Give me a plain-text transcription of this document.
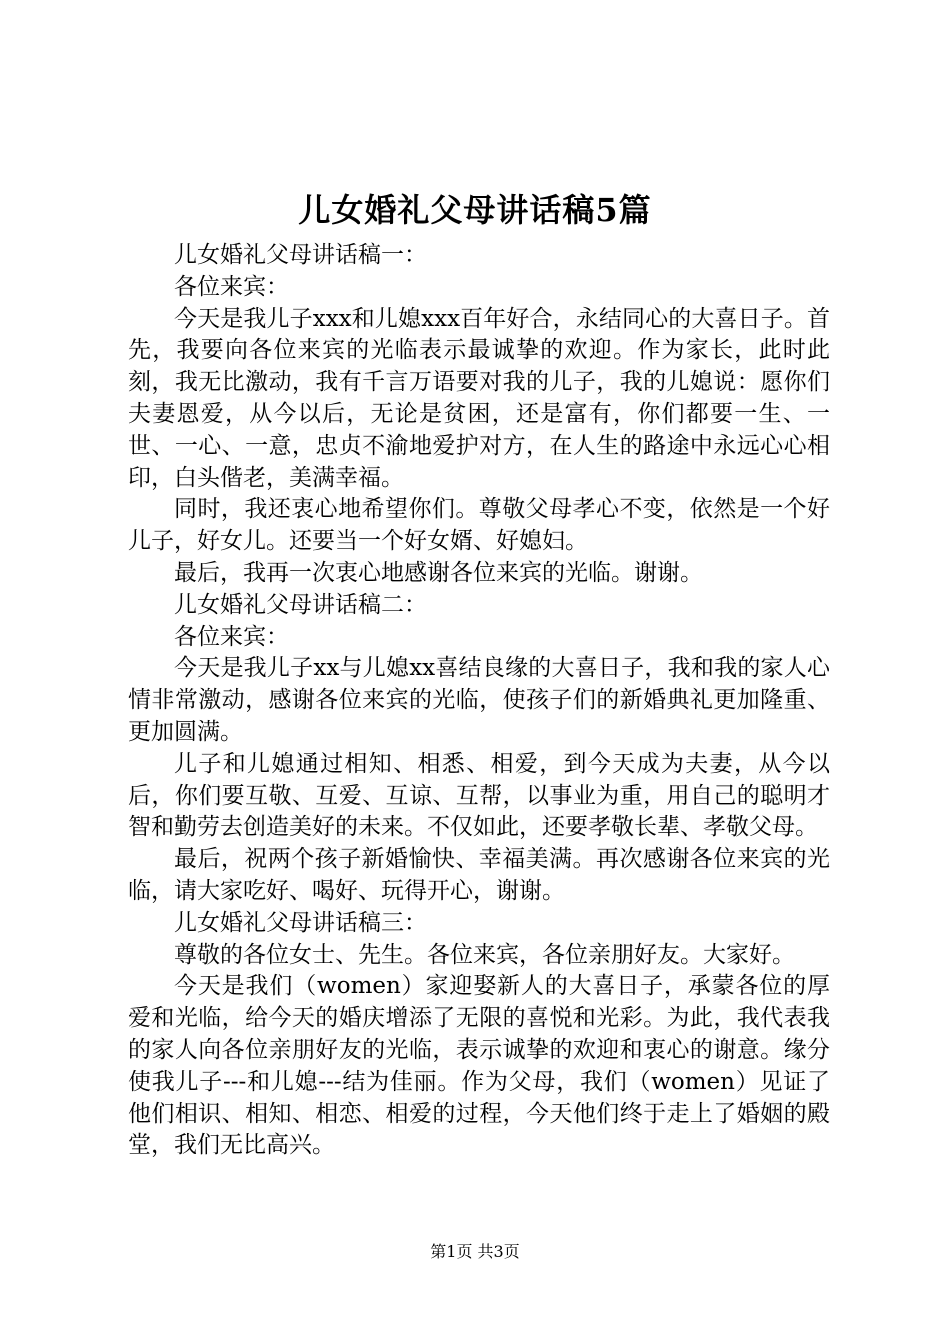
儿女婚礼父母讲话稿5篇

儿女婚礼父母讲话稿一：

各位来宾：

今天是我儿子xxx和儿媳xxx百年好合，永结同心的大喜日子。首先，我要向各位来宾的光临表示最诚挚的欢迎。作为家长，此时此刻，我无比激动，我有千言万语要对我的儿子，我的儿媳说：愿你们夫妻恩爱，从今以后，无论是贫困，还是富有，你们都要一生、一世、一心、一意，忠贞不渝地爱护对方，在人生的路途中永远心心相印，白头偕老，美满幸福。

同时，我还衷心地希望你们。尊敬父母孝心不变，依然是一个好儿子，好女儿。还要当一个好女婿、好媳妇。

最后，我再一次衷心地感谢各位来宾的光临。谢谢。

儿女婚礼父母讲话稿二：

各位来宾：

今天是我儿子xx与儿媳xx喜结良缘的大喜日子，我和我的家人心情非常激动，感谢各位来宾的光临，使孩子们的新婚典礼更加隆重、更加圆满。

儿子和儿媳通过相知、相悉、相爱，到今天成为夫妻，从今以后，你们要互敬、互爱、互谅、互帮，以事业为重，用自己的聪明才智和勤劳去创造美好的未来。不仅如此，还要孝敬长辈、孝敬父母。

最后，祝两个孩子新婚愉快、幸福美满。再次感谢各位来宾的光临，请大家吃好、喝好、玩得开心，谢谢。

儿女婚礼父母讲话稿三：

尊敬的各位女士、先生。各位来宾，各位亲朋好友。大家好。

今天是我们（women）家迎娶新人的大喜日子，承蒙各位的厚爱和光临，给今天的婚庆增添了无限的喜悦和光彩。为此，我代表我的家人向各位亲朋好友的光临，表示诚挚的欢迎和衷心的谢意。缘分使我儿子---和儿媳---结为佳丽。作为父母，我们（women）见证了他们相识、相知、相恋、相爱的过程，今天他们终于走上了婚姻的殿堂，我们无比高兴。

第1页 共3页
